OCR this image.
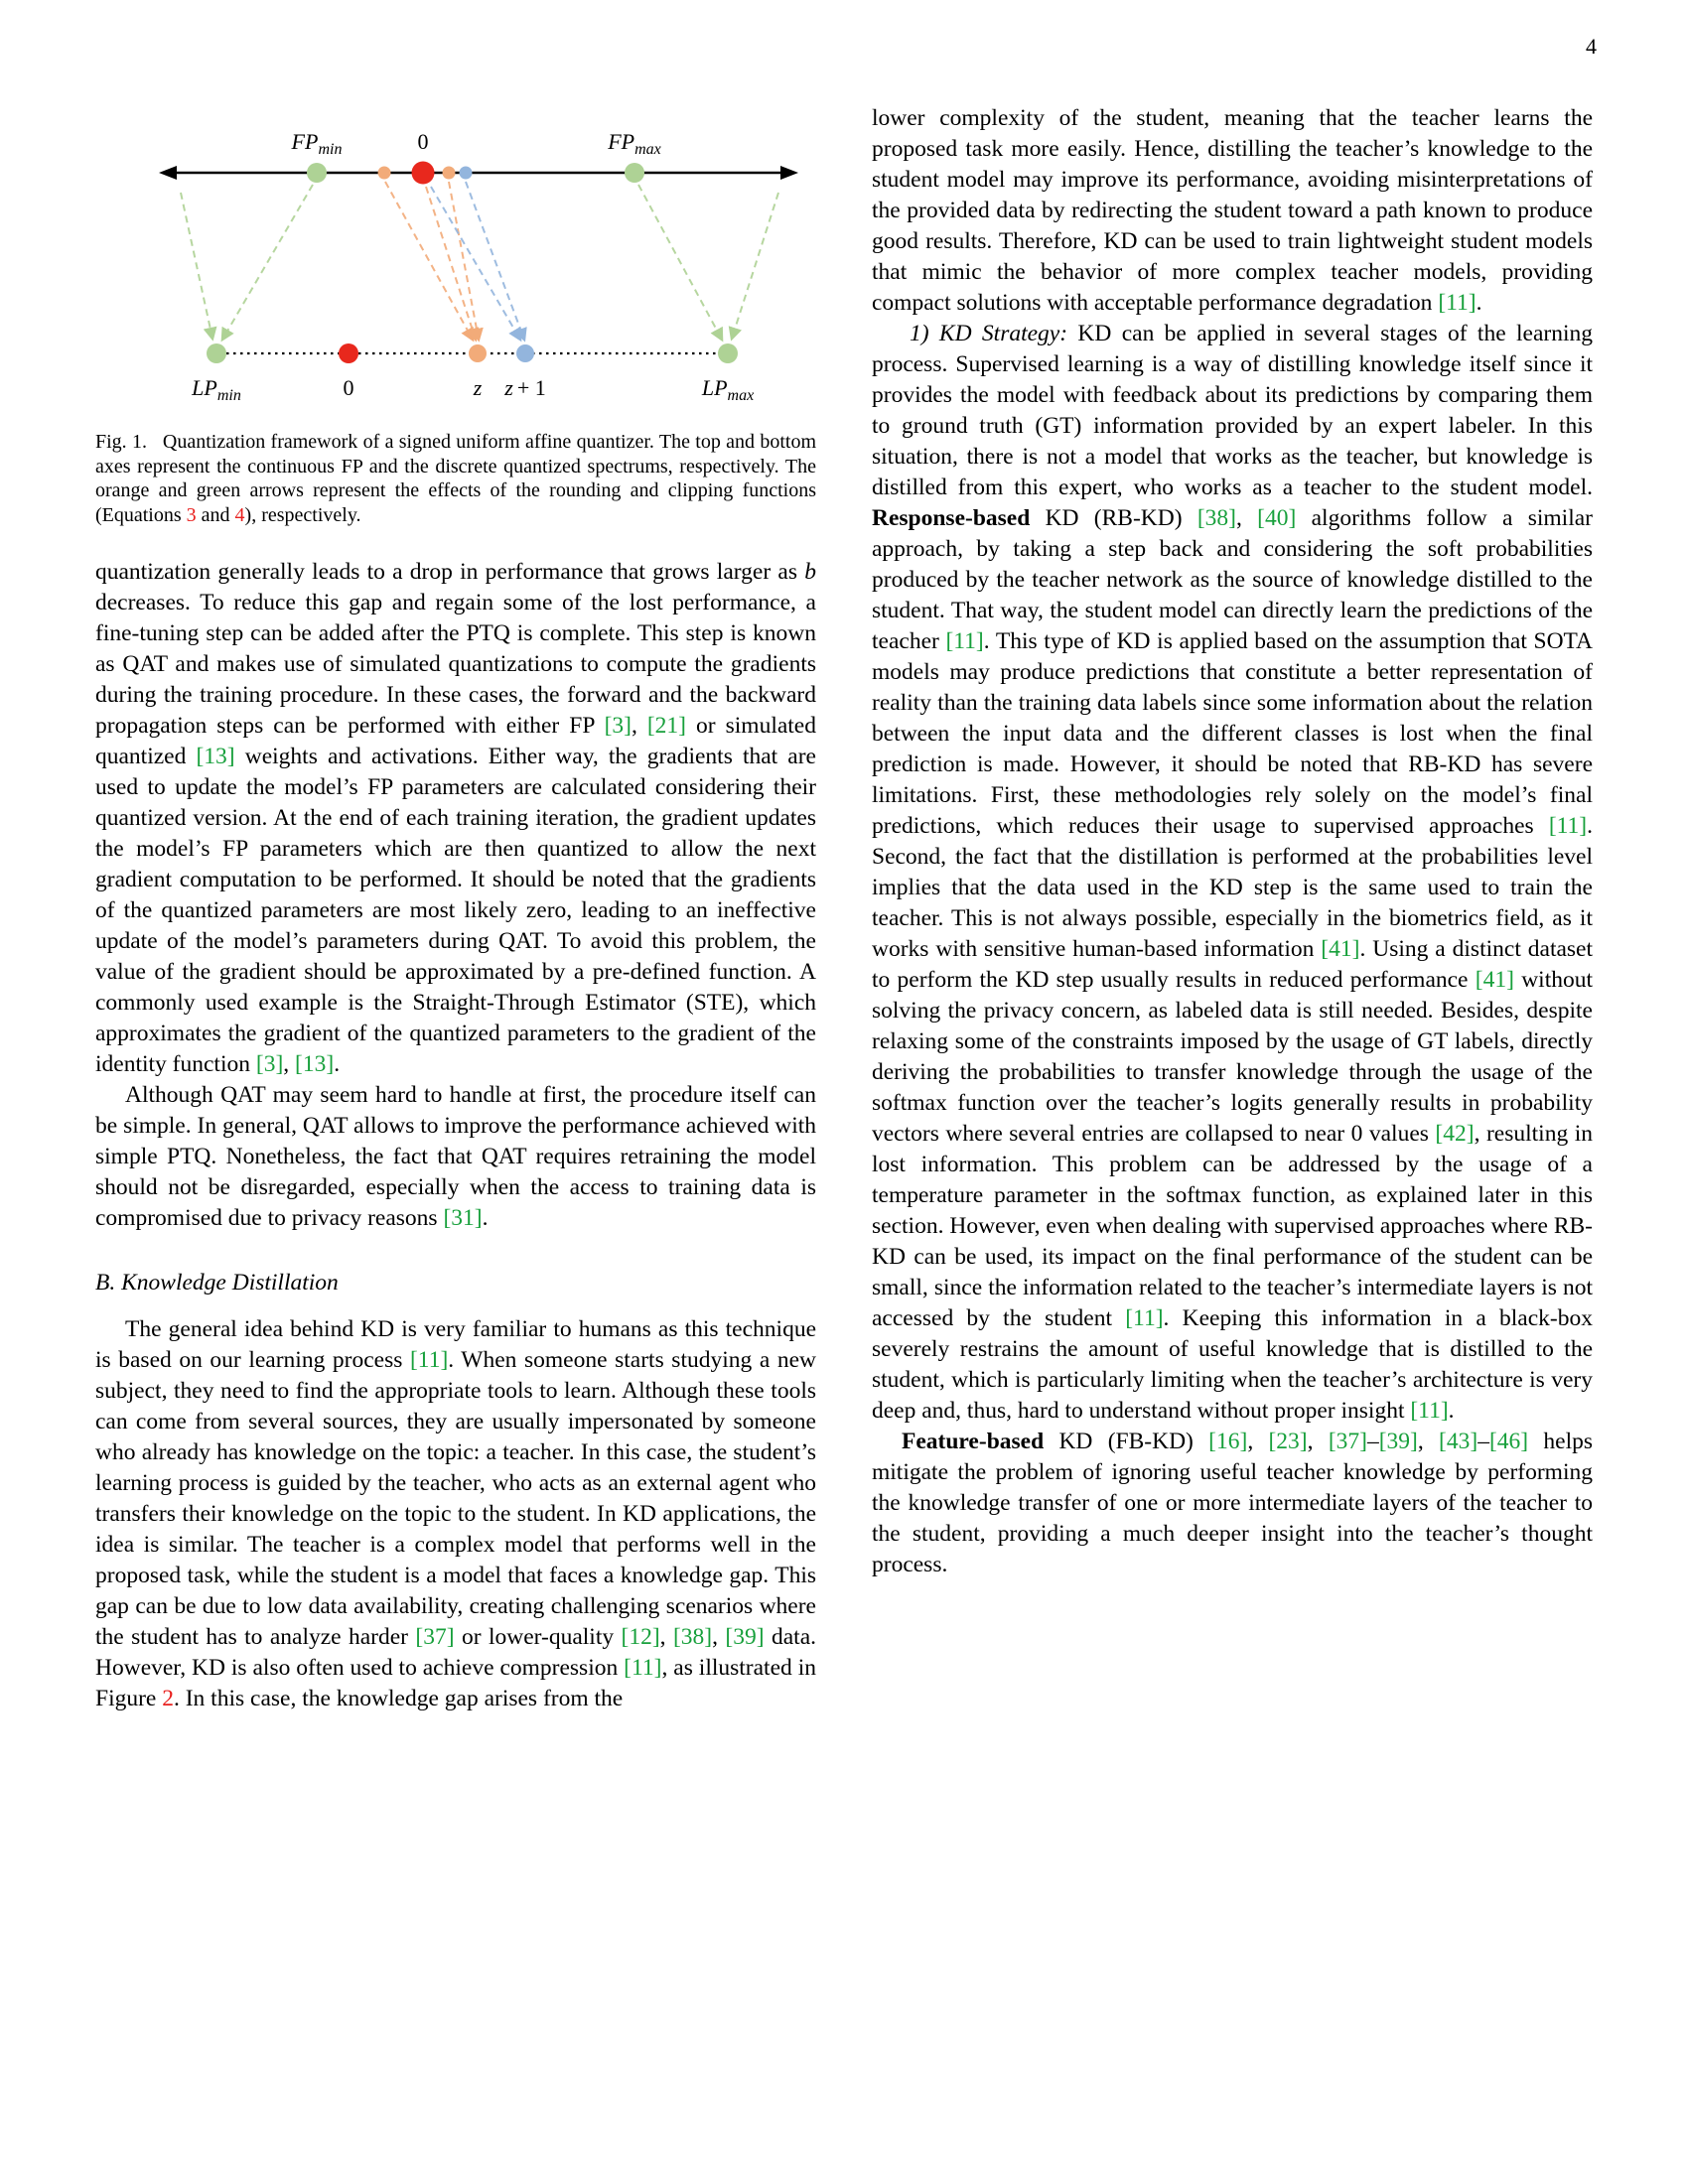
4
$FP_{min}$	0	$FP_{max}$
$LP_{min}$	0	z z + 1	$LP_{max}$
Fig. 1.   Quantization framework of a signed uniform affine quantizer. The top and bottom axes represent the continuous FP and the discrete quantized spectrums, respectively. The orange and green arrows represent the effects of the rounding and clipping functions (Equations 3 and 4), respectively.

quantization generally leads to a drop in performance that grows larger as b decreases. To reduce this gap and regain some of the lost performance, a fine-tuning step can be added after the PTQ is complete. This step is known as QAT and makes use of simulated quantizations to compute the gradients during the training procedure. In these cases, the forward and the backward propagation steps can be performed with either FP [3], [21] or simulated quantized [13] weights and activations. Either way, the gradients that are used to update the model’s FP parameters are calculated considering their quantized version. At the end of each training iteration, the gradient updates the model’s FP parameters which are then quantized to allow the next gradient computation to be performed. It should be noted that the gradients of the quantized parameters are most likely zero, leading to an ineffective update of the model’s parameters during QAT. To avoid this problem, the value of the gradient should be approximated by a pre-defined function. A commonly used example is the Straight-Through Estimator (STE), which approximates the gradient of the quantized parameters to the gradient of the identity function [3], [13].

Although QAT may seem hard to handle at first, the procedure itself can be simple. In general, QAT allows to improve the performance achieved with simple PTQ. Nonetheless, the fact that QAT requires retraining the model should not be disregarded, especially when the access to training data is compromised due to privacy reasons [31].

B. Knowledge Distillation

The general idea behind KD is very familiar to humans as this technique is based on our learning process [11]. When someone starts studying a new subject, they need to find the appropriate tools to learn. Although these tools can come from several sources, they are usually impersonated by someone who already has knowledge on the topic: a teacher. In this case, the student’s learning process is guided by the teacher, who acts as an external agent who transfers their knowledge on the topic to the student. In KD applications, the idea is similar. The teacher is a complex model that performs well in the proposed task, while the student is a model that faces a knowledge gap. This gap can be due to low data availability, creating challenging scenarios where the student has to analyze harder [37] or lower-quality [12], [38], [39] data. However, KD is also often used to achieve compression [11], as illustrated in Figure 2. In this case, the knowledge gap arises from the

lower complexity of the student, meaning that the teacher learns the proposed task more easily. Hence, distilling the teacher’s knowledge to the student model may improve its performance, avoiding misinterpretations of the provided data by redirecting the student toward a path known to produce good results. Therefore, KD can be used to train lightweight student models that mimic the behavior of more complex teacher models, providing compact solutions with acceptable performance degradation [11].

1) KD Strategy: KD can be applied in several stages of the learning process. Supervised learning is a way of distilling knowledge itself since it provides the model with feedback about its predictions by comparing them to ground truth (GT) information provided by an expert labeler. In this situation, there is not a model that works as the teacher, but knowledge is distilled from this expert, who works as a teacher to the student model. Response-based KD (RB-KD) [38], [40] algorithms follow a similar approach, by taking a step back and considering the soft probabilities produced by the teacher network as the source of knowledge distilled to the student. That way, the student model can directly learn the predictions of the teacher [11]. This type of KD is applied based on the assumption that SOTA models may produce predictions that constitute a better representation of reality than the training data labels since some information about the relation between the input data and the different classes is lost when the final prediction is made. However, it should be noted that RB-KD has severe limitations. First, these methodologies rely solely on the model’s final predictions, which reduces their usage to supervised approaches [11]. Second, the fact that the distillation is performed at the probabilities level implies that the data used in the KD step is the same used to train the teacher. This is not always possible, especially in the biometrics field, as it works with sensitive human-based information [41]. Using a distinct dataset to perform the KD step usually results in reduced performance [41] without solving the privacy concern, as labeled data is still needed. Besides, despite relaxing some of the constraints imposed by the usage of GT labels, directly deriving the probabilities to transfer knowledge through the usage of the softmax function over the teacher’s logits generally results in probability vectors where several entries are collapsed to near 0 values [42], resulting in lost information. This problem can be addressed by the usage of a temperature parameter in the softmax function, as explained later in this section. However, even when dealing with supervised approaches where RB-KD can be used, its impact on the final performance of the student can be small, since the information related to the teacher’s intermediate layers is not accessed by the student [11]. Keeping this information in a black-box severely restrains the amount of useful knowledge that is distilled to the student, which is particularly limiting when the teacher’s architecture is very deep and, thus, hard to understand without proper insight [11].

Feature-based KD (FB-KD) [16], [23], [37]–[39], [43]–[46] helps mitigate the problem of ignoring useful teacher knowledge by performing the knowledge transfer of one or more intermediate layers of the teacher to the student, providing a much deeper insight into the teacher’s thought process.
